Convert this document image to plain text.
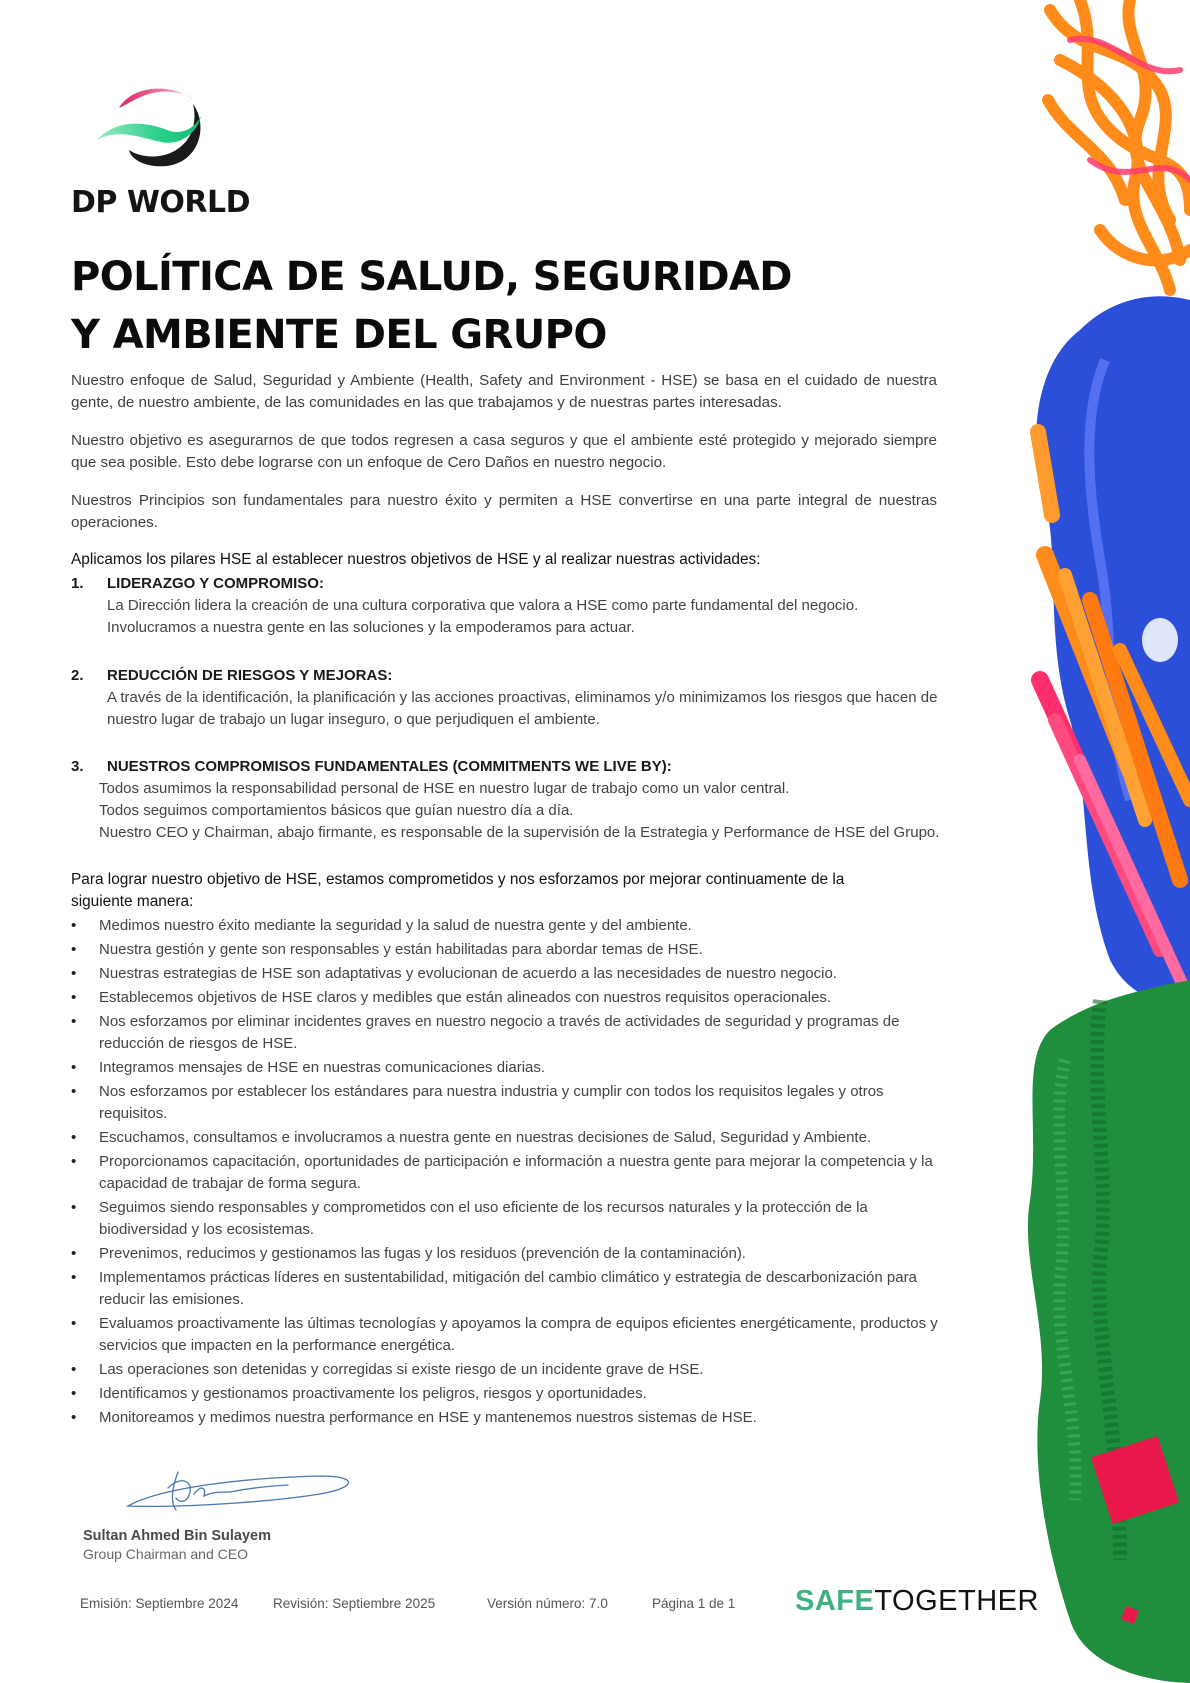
DP WORLD
POLÍTICA DE SALUD, SEGURIDAD
Y AMBIENTE DEL GRUPO

Nuestro enfoque de Salud, Seguridad y Ambiente (Health, Safety and Environment - HSE) se basa en el cuidado de nuestra gente, de nuestro ambiente, de las comunidades en las que trabajamos y de nuestras partes interesadas.

Nuestro objetivo es asegurarnos de que todos regresen a casa seguros y que el ambiente esté protegido y mejorado siempre que sea posible. Esto debe lograrse con un enfoque de Cero Daños en nuestro negocio.

Nuestros Principios son fundamentales para nuestro éxito y permiten a HSE convertirse en una parte integral de nuestras operaciones.

Aplicamos los pilares HSE al establecer nuestros objetivos de HSE y al realizar nuestras actividades:
1.	LIDERAZGO Y COMPROMISO:
La Dirección lidera la creación de una cultura corporativa que valora a HSE como parte fundamental del negocio.
Involucramos a nuestra gente en las soluciones y la empoderamos para actuar.
2.	REDUCCIÓN DE RIESGOS Y MEJORAS:
A través de la identificación, la planificación y las acciones proactivas, eliminamos y/o minimizamos los riesgos que hacen de nuestro lugar de trabajo un lugar inseguro, o que perjudiquen el ambiente.
3.	NUESTROS COMPROMISOS FUNDAMENTALES (COMMITMENTS WE LIVE BY):
Todos asumimos la responsabilidad personal de HSE en nuestro lugar de trabajo como un valor central.
Todos seguimos comportamientos básicos que guían nuestro día a día.
Nuestro CEO y Chairman, abajo firmante, es responsable de la supervisión de la Estrategia y Performance de HSE del Grupo.
Para lograr nuestro objetivo de HSE, estamos comprometidos y nos esforzamos por mejorar continuamente de la siguiente manera:
• Medimos nuestro éxito mediante la seguridad y la salud de nuestra gente y del ambiente.
• Nuestra gestión y gente son responsables y están habilitadas para abordar temas de HSE.
• Nuestras estrategias de HSE son adaptativas y evolucionan de acuerdo a las necesidades de nuestro negocio.
• Establecemos objetivos de HSE claros y medibles que están alineados con nuestros requisitos operacionales.
• Nos esforzamos por eliminar incidentes graves en nuestro negocio a través de actividades de seguridad y programas de reducción de riesgos de HSE.
• Integramos mensajes de HSE en nuestras comunicaciones diarias.
• Nos esforzamos por establecer los estándares para nuestra industria y cumplir con todos los requisitos legales y otros requisitos.
• Escuchamos, consultamos e involucramos a nuestra gente en nuestras decisiones de Salud, Seguridad y Ambiente.
• Proporcionamos capacitación, oportunidades de participación e información a nuestra gente para mejorar la competencia y la capacidad de trabajar de forma segura.
• Seguimos siendo responsables y comprometidos con el uso eficiente de los recursos naturales y la protección de la biodiversidad y los ecosistemas.
• Prevenimos, reducimos y gestionamos las fugas y los residuos (prevención de la contaminación).
• Implementamos prácticas líderes en sustentabilidad, mitigación del cambio climático y estrategia de descarbonización para reducir las emisiones.
• Evaluamos proactivamente las últimas tecnologías y apoyamos la compra de equipos eficientes energéticamente, productos y servicios que impacten en la performance energética.
• Las operaciones son detenidas y corregidas si existe riesgo de un incidente grave de HSE.
• Identificamos y gestionamos proactivamente los peligros, riesgos y oportunidades.
• Monitoreamos y medimos nuestra performance en HSE y mantenemos nuestros sistemas de HSE.
Sultan Ahmed Bin Sulayem
Group Chairman and CEO
Emisión: Septiembre 2024	Revisión: Septiembre 2025	Versión número: 7.0	Página 1 de 1 SAFETOGETHER
